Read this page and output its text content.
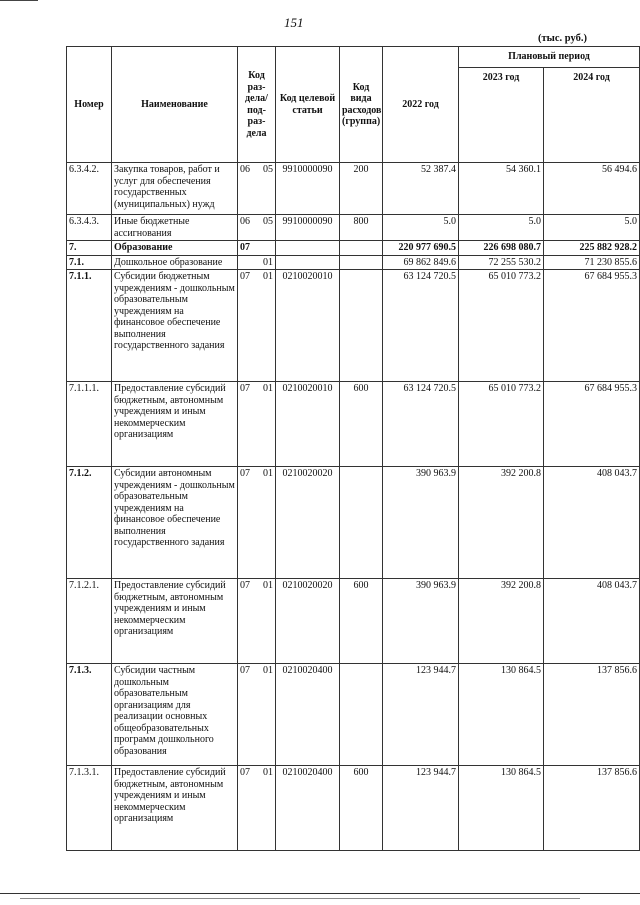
151
(тыс. руб.)
Номер	Наименование	Код раз-дела/ под-раз-дела	Код целевой статьи	Код вида расходов (группа)	2022 год	Плановый период	
						2023 год	2024 год
6.3.4.2.	Закупка товаров, работ и услуг для обеспечения государственных (муниципальных) нужд	06 05	9910000090	200	52 387.4	54 360.1	56 494.6
6.3.4.3.	Иные бюджетные ассигнования	06 05	9910000090	800	5.0	5.0	5.0
7.	Образование	07			220 977 690.5	226 698 080.7	225 882 928.2
7.1.	Дошкольное образование	01			69 862 849.6	72 255 530.2	71 230 855.6
7.1.1.	Субсидии бюджетным учреждениям - дошкольным образовательным учреждениям на финансовое обеспечение выполнения государственного задания	07 01	0210020010		63 124 720.5	65 010 773.2	67 684 955.3
7.1.1.1.	Предоставление субсидий бюджетным, автономным учреждениям и иным некоммерческим организациям	07 01	0210020010	600	63 124 720.5	65 010 773.2	67 684 955.3
7.1.2.	Субсидии автономным учреждениям - дошкольным образовательным учреждениям на финансовое обеспечение выполнения государственного задания	07 01	0210020020		390 963.9	392 200.8	408 043.7
7.1.2.1.	Предоставление субсидий бюджетным, автономным учреждениям и иным некоммерческим организациям	07 01	0210020020	600	390 963.9	392 200.8	408 043.7
7.1.3.	Субсидии частным дошкольным образовательным организациям для реализации основных общеобразовательных программ дошкольного образования	07 01	0210020400		123 944.7	130 864.5	137 856.6
7.1.3.1.	Предоставление субсидий бюджетным, автономным учреждениям и иным некоммерческим организациям	07 01	0210020400	600	123 944.7	130 864.5	137 856.6
